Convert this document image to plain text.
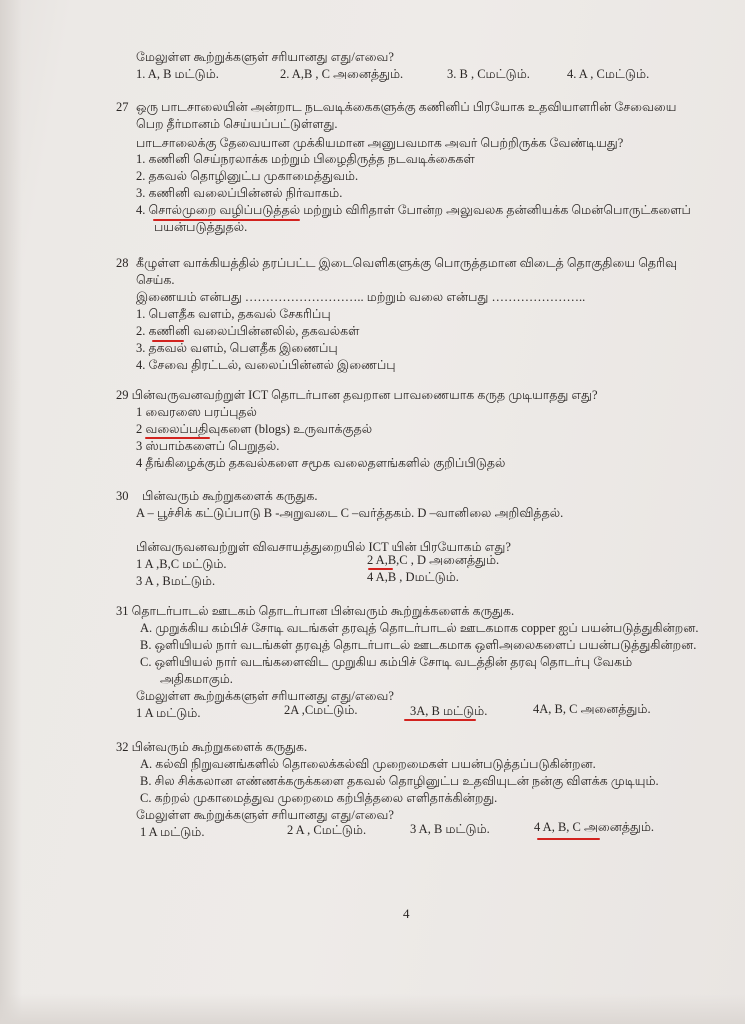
மேலுள்ள கூற்றுக்களுள் சரியானது எது/எவை?
1. A, B மட்டும்.	2. A,B , C அனைத்தும்.	3. B , Cமட்டும்.	4. A , Cமட்டும்.
27 ஒரு பாடசாலையின் அன்றாட நடவடிக்கைகளுக்கு கணினிப் பிரயோக உதவியாளரின் சேவையை
பெற தீர்மானம் செய்யப்பட்டுள்ளது.
பாடசாலைக்கு தேவையான முக்கியமான அனுபவமாக அவர் பெற்றிருக்க வேண்டியது?
1. கணினி செய்நரலாக்க மற்றும் பிழைதிருத்த நடவடிக்கைகள்
2. தகவல் தொழினுட்ப முகாமைத்துவம்.
3. கணினி வலைப்பின்னல் நிர்வாகம்.
4. சொல்முறை வழிப்படுத்தல் மற்றும் விரிதாள் போன்ற அலுவலக தன்னியக்க மென்பொருட்களைப்
பயன்படுத்துதல்.
28 கீழுள்ள வாக்கியத்தில் தரப்பட்ட இடைவெளிகளுக்கு பொருத்தமான விடைத் தொகுதியை தெரிவு
செய்க.
இணையம் என்பது ……………………….. மற்றும் வலை என்பது …………………..
1. பௌதீக வளம், தகவல் சேகரிப்பு
2. கணினி வலைப்பின்னலில், தகவல்கள்
3. தகவல் வளம், பௌதீக இணைப்பு
4. சேவை திரட்டல், வலைப்பின்னல் இணைப்பு
29 பின்வருவனவற்றுள் ICT தொடர்பான தவறான பாவணையாக கருத முடியாதது எது?
1 வைரஸை பரப்புதல்
2 வலைப்பதிவுகளை (blogs) உருவாக்குதல்
3 ஸ்பாம்களைப் பெறுதல்.
4 தீங்கிழைக்கும் தகவல்களை சமூக வலைதளங்களில் குறிப்பிடுதல்
30 பின்வரும் கூற்றுகளைக் கருதுக.
A – பூச்சிக் கட்டுப்பாடு B -அறுவடை C –வர்த்தகம். D –வானிலை அறிவித்தல்.
பின்வருவனவற்றுள் விவசாயத்துறையில் ICT யின் பிரயோகம் எது?
1 A ,B,C மட்டும்.	2 A,B,C , D அனைத்தும்.
3 A , Bமட்டும்.	4 A,B , Dமட்டும்.
31 தொடர்பாடல் ஊடகம் தொடர்பான பின்வரும் கூற்றுக்களைக் கருதுக.
A. முறுக்கிய கம்பிச் சோடி வடங்கள் தரவுத் தொடர்பாடல் ஊடகமாக copper ஐப் பயன்படுத்துகின்றன.
B. ஒளியியல் நார் வடங்கள் தரவுத் தொடர்பாடல் ஊடகமாக ஒளிஅலைகளைப் பயன்படுத்துகின்றன.
C. ஒளியியல் நார் வடங்களைவிட முறுகிய கம்பிச் சோடி வடத்தின் தரவு தொடர்பு வேகம்
அதிகமாகும்.
மேலுள்ள கூற்றுக்களுள் சரியானது எது/எவை?
1 A மட்டும்.	2A ,Cமட்டும்.	3A, B மட்டும்.	4A, B, C அனைத்தும்.
32 பின்வரும் கூற்றுகளைக் கருதுக.
A. கல்வி நிறுவனங்களில் தொலைக்கல்வி முறைமைகள் பயன்படுத்தப்படுகின்றன.
B. சில சிக்கலான எண்ணக்கருக்களை தகவல் தொழினுட்ப உதவியுடன் நன்கு விளக்க முடியும்.
C. கற்றல் முகாமைத்துவ முறைமை கற்பித்தலை எளிதாக்கின்றது.
மேலுள்ள கூற்றுக்களுள் சரியானது எது/எவை?
1 A மட்டும்.	2 A , Cமட்டும்.	3 A, B மட்டும்.	4 A, B, C அனைத்தும்.
4
